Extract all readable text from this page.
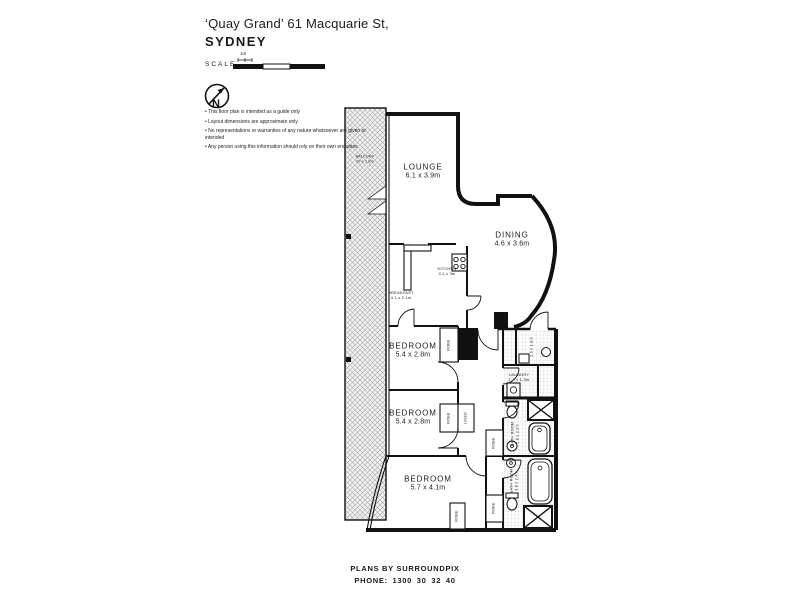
N
‘Quay Grand’ 61 Macquarie St,
SYDNEY
SCALE
1m
• This floor plan is intended as a guide only
• Layout dimensions are approximate only
• No representations or warranties of any nature whatsoever are given or intended
• Any person using this information should rely on their own enquiries
LOUNGE
6.1 x 3.9m
DINING
4.6 x 3.6m
BEDROOM
5.4 x 2.8m
BEDROOM
5.4 x 2.8m
BEDROOM
5.7 x 4.1m
KITCHEN
4.1 x 3m
BREAKFAST
4.1 x 2.1m
BALCONY
20 x 1.8m
LAUNDRY
1.7 x 1.3m
1.6 x 1.8m
BATH ROOM 2.8 x 2.2m
BATH ROOM 3.8 x 2.4m
ROBE
ROBE	LINEN
ROBE
ROBE
ROBE
PLANS BY SURROUNDPIX
PHONE: 1300 30 32 40
